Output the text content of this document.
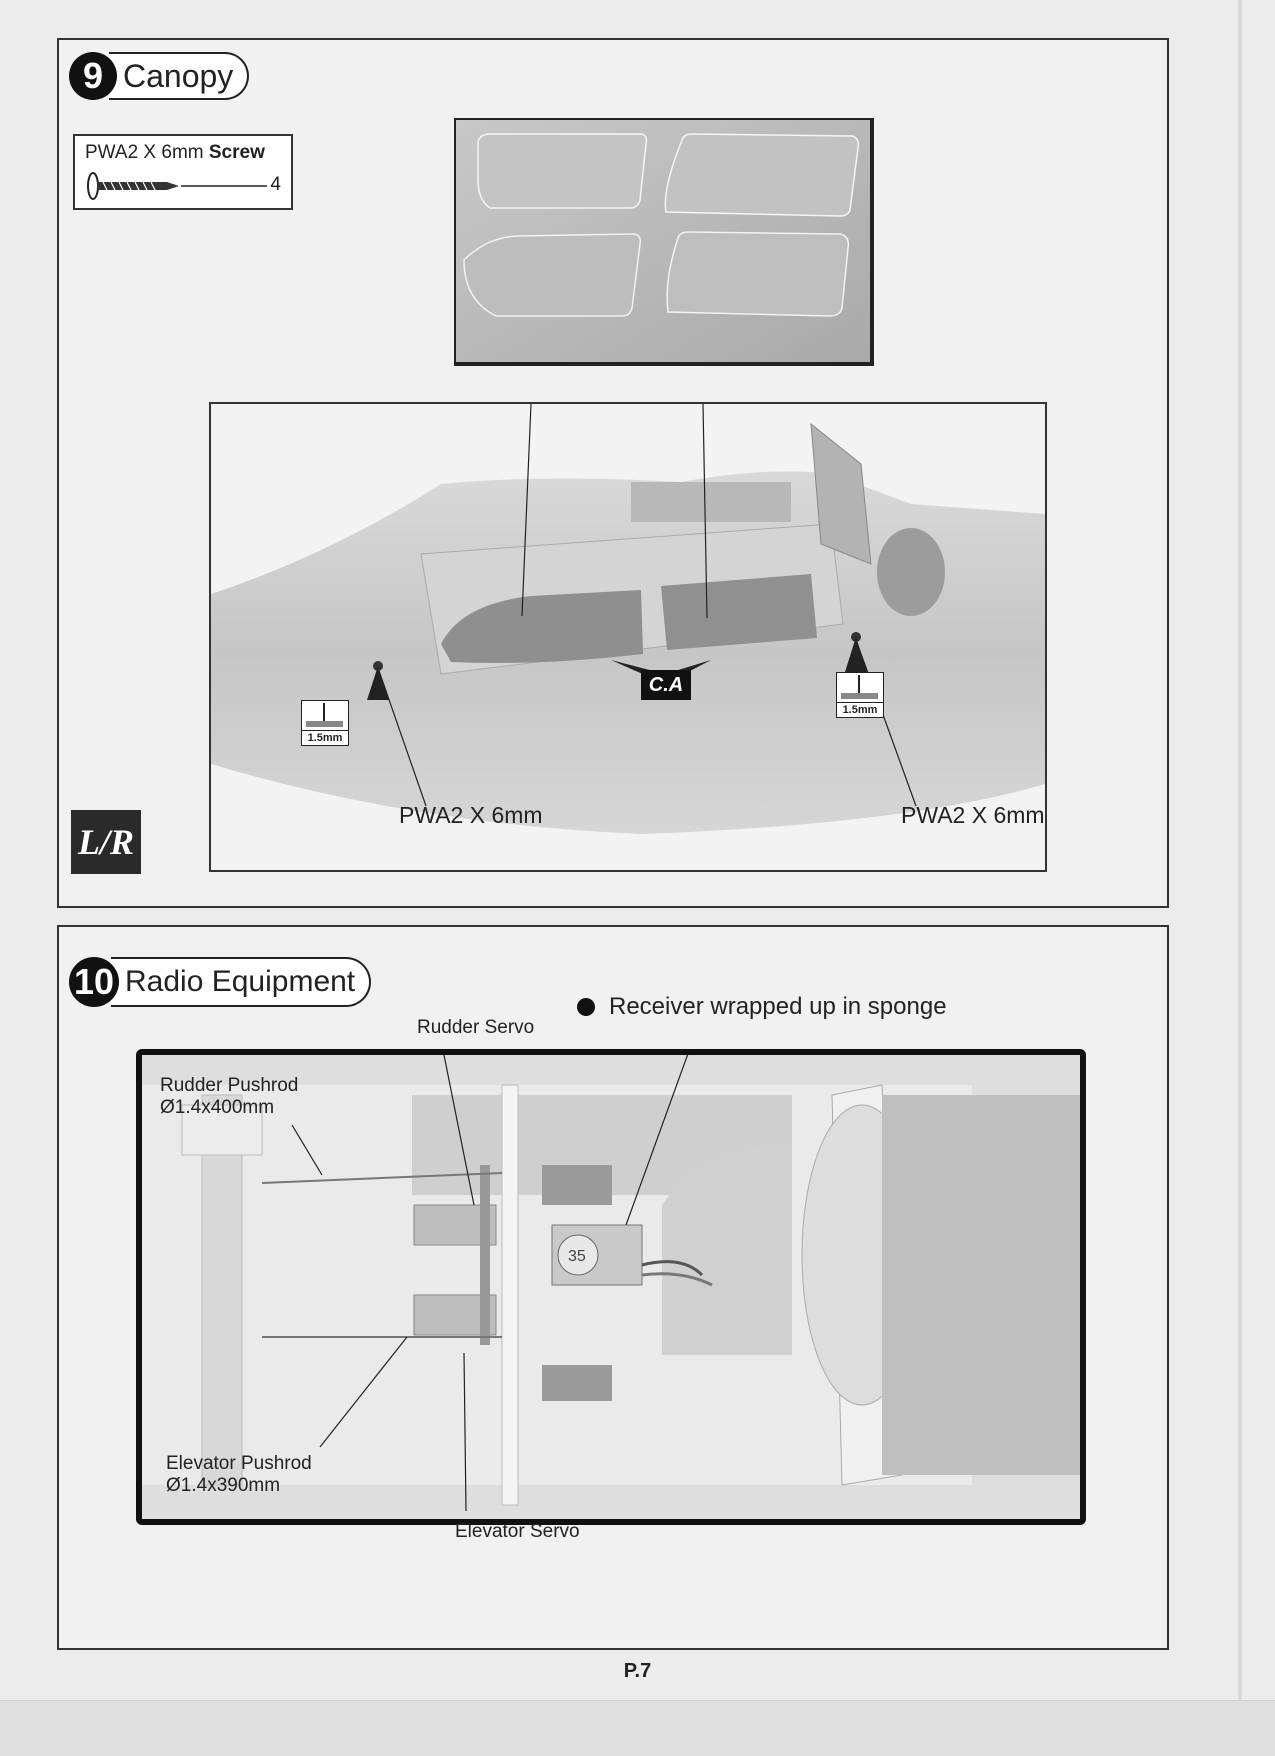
9 Canopy
PWA2 X 6mm Screw
4
1.5mm
1.5mm
C.A
PWA2 X 6mm	PWA2 X 6mm
L/R
10 Radio Equipment
Receiver wrapped up in sponge
Rudder Servo
35
Rudder Pushrod
Ø1.4x400mm
Elevator Pushrod
Ø1.4x390mm
Elevator Servo
P.7
